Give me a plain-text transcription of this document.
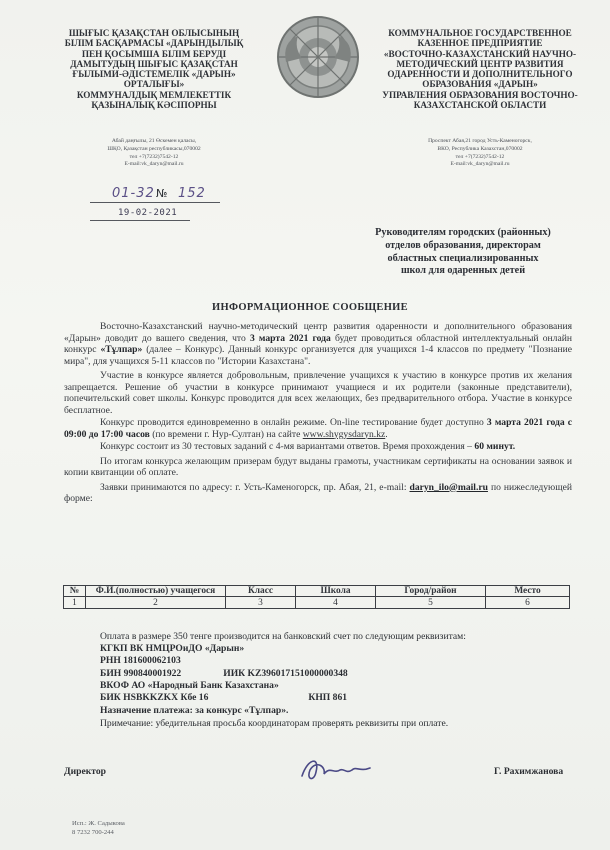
ШЫҒЫС ҚАЗАҚСТАН ОБЛЫСЫНЫҢ
БІЛІМ БАСҚАРМАСЫ «ДАРЫНДЫЛЫҚ
ПЕН ҚОСЫМША БІЛІМ БЕРУДІ
ДАМЫТУДЫҢ ШЫҒЫС ҚАЗАҚСТАН
ҒЫЛЫМИ-ӘДІСТЕМЕЛІК «ДАРЫН»
ОРТАЛЫҒЫ»
КОММУНАЛДЫҚ МЕМЛЕКЕТТІК
ҚАЗЫНАЛЫҚ КӘСІПОРНЫ
Абай даңғылы, 21 Өскемен қаласы,
ШҚО, Қазақстан республикасы,070002
тел +7(7232)7542-12
E-mail:vk_daryn@mail.ru
КОММУНАЛЬНОЕ ГОСУДАРСТВЕННОЕ
КАЗЕННОЕ ПРЕДПРИЯТИЕ
«ВОСТОЧНО-КАЗАХСТАНСКИЙ НАУЧНО-
МЕТОДИЧЕСКИЙ ЦЕНТР РАЗВИТИЯ
ОДАРЕННОСТИ И ДОПОЛНИТЕЛЬНОГО
ОБРАЗОВАНИЯ «ДАРЫН»
УПРАВЛЕНИЯ ОБРАЗОВАНИЯ ВОСТОЧНО-
КАЗАХСТАНСКОЙ ОБЛАСТИ
Проспект Абая,21 город Усть-Каменогорск,
ВКО, Республика Казахстан,070002
тел +7(7232)7542-12
E-mail:vk_daryn@mail.ru
01-32 № 152
19-02-2021
Руководителям городских (районных)
отделов образования, директорам
областных специализированных
школ для одаренных детей
ИНФОРМАЦИОННОЕ СООБЩЕНИЕ

Восточно-Казахстанский научно-методический центр развития одаренности и дополнительного образования «Дарын» доводит до вашего сведения, что 3 марта 2021 года будет проводиться областной интеллектуальный онлайн конкурс «Тұлпар» (далее – Конкурс). Данный конкурс организуется для учащихся 1-4 классов по предмету "Познание мира", для учащихся 5-11 классов по "Истории Казахстана".

Участие в конкурсе является добровольным, привлечение учащихся к участию в конкурсе против их желания запрещается. Решение об участии в конкурсе принимают учащиеся и их родители (законные представители), попечительский совет школы. Конкурс проводится для всех желающих, без предварительного отбора. Участие в конкурсе бесплатное.

Конкурс проводится единовременно в онлайн режиме. On-line тестирование будет доступно 3 марта 2021 года с 09:00 до 17:00 часов (по времени г. Нур-Султан) на сайте www.shygysdaryn.kz.

Конкурс состоит из 30 тестовых заданий с 4-мя вариантами ответов. Время прохождения – 60 минут.

По итогам конкурса желающим призерам будут выданы грамоты, участникам сертификаты на основании заявок и копии квитанции об оплате.

Заявки принимаются по адресу: г. Усть-Каменогорск, пр. Абая, 21, e-mail: daryn_ilo@mail.ru по нижеследующей форме:

№	Ф.И.(полностью) учащегося	Класс	Школа	Город/район	Место
1	2	3	4	5	6
Оплата в размере 350 тенге производится на банковский счет по следующим реквизитам:
КГКП ВК НМЦРОиДО «Дарын»
РНН 181600062103
БИН 990840001922	ИИК KZ396017151000000348
ВКОФ АО «Народный Банк Казахстана»
БИК HSBKKZKX Кбе 16	КНП 861
Назначение платежа: за конкурс «Тұлпар».
Примечание: убедительная просьба координаторам проверять реквизиты при оплате.
Директор	Г. Рахимжанова
Исп.: Ж. Садыкова
8 7232 700-244
